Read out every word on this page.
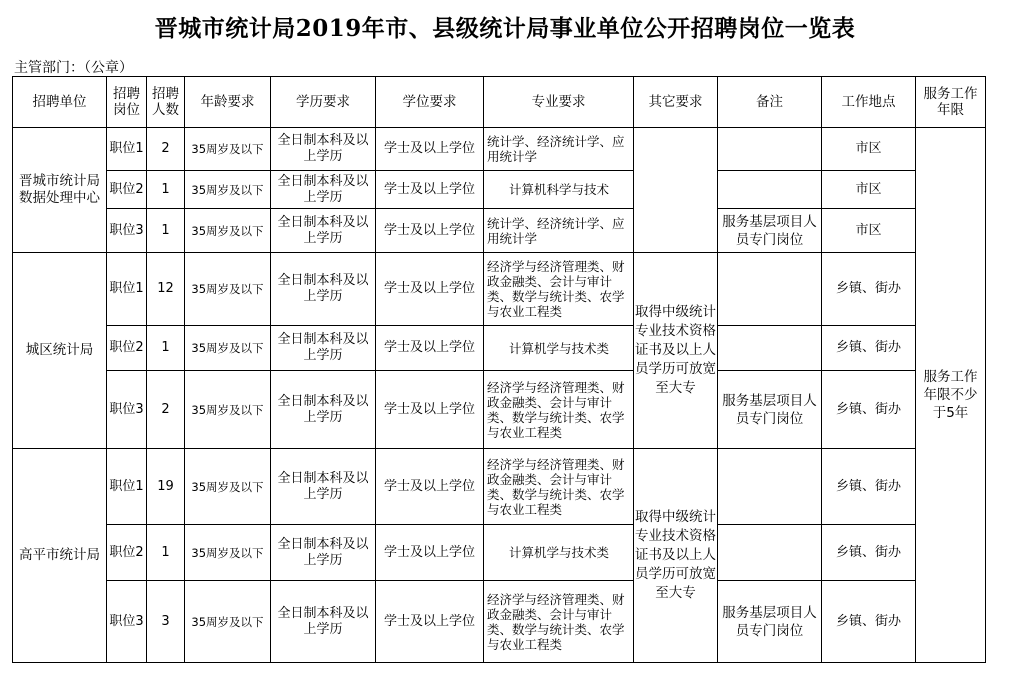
晋城市统计局2019年市、县级统计局事业单位公开招聘岗位一览表
主管部门：（公章）
招聘单位	招聘岗位	招聘人数	年龄要求	学历要求	学位要求	专业要求	其它要求	备注	工作地点	服务工作年限
晋城市统计局数据处理中心	职位1	2	35周岁及以下	全日制本科及以上学历	学士及以上学位	统计学、经济统计学、应用统计学			市区	服务工作年限不少于5年
	职位2	1	35周岁及以下	全日制本科及以上学历	学士及以上学位	计算机科学与技术			市区	
	职位3	1	35周岁及以下	全日制本科及以上学历	学士及以上学位	统计学、经济统计学、应用统计学		服务基层项目人员专门岗位	市区	
城区统计局	职位1	12	35周岁及以下	全日制本科及以上学历	学士及以上学位	经济学与经济管理类、财政金融类、会计与审计类、数学与统计类、农学与农业工程类	取得中级统计专业技术资格证书及以上人员学历可放宽至大专		乡镇、街办	
	职位2	1	35周岁及以下	全日制本科及以上学历	学士及以上学位	计算机学与技术类			乡镇、街办	
	职位3	2	35周岁及以下	全日制本科及以上学历	学士及以上学位	经济学与经济管理类、财政金融类、会计与审计类、数学与统计类、农学与农业工程类		服务基层项目人员专门岗位	乡镇、街办	
高平市统计局	职位1	19	35周岁及以下	全日制本科及以上学历	学士及以上学位	经济学与经济管理类、财政金融类、会计与审计类、数学与统计类、农学与农业工程类	取得中级统计专业技术资格证书及以上人员学历可放宽至大专		乡镇、街办	
	职位2	1	35周岁及以下	全日制本科及以上学历	学士及以上学位	计算机学与技术类			乡镇、街办	
	职位3	3	35周岁及以下	全日制本科及以上学历	学士及以上学位	经济学与经济管理类、财政金融类、会计与审计类、数学与统计类、农学与农业工程类		服务基层项目人员专门岗位	乡镇、街办	
